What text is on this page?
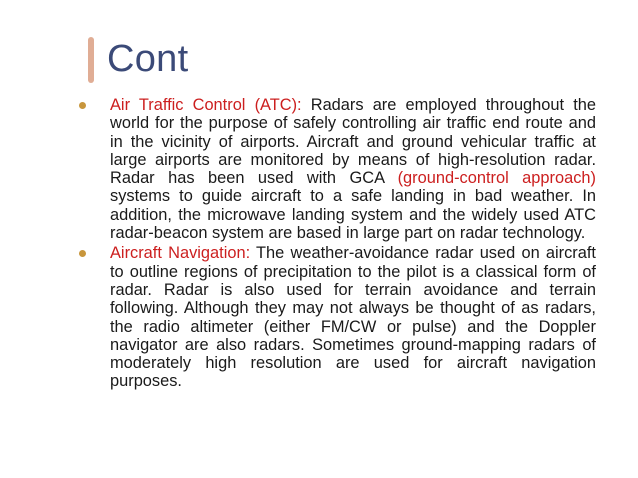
Cont

Air Traffic Control (ATC): Radars are employed throughout the world for the purpose of safely controlling air traffic end route and in the vicinity of airports. Aircraft and ground vehicular traffic at large airports are monitored by means of high-resolution radar. Radar has been used with GCA (ground-control approach) systems to guide aircraft to a safe landing in bad weather. In addition, the microwave landing system and the widely used ATC radar-beacon system are based in large part on radar technology.

Aircraft Navigation: The weather-avoidance radar used on aircraft to outline regions of precipitation to the pilot is a classical form of radar. Radar is also used for terrain avoidance and terrain following. Although they may not always be thought of as radars, the radio altimeter (either FM/CW or pulse) and the Doppler navigator are also radars. Sometimes ground-mapping radars of moderately high resolution are used for aircraft navigation purposes.
